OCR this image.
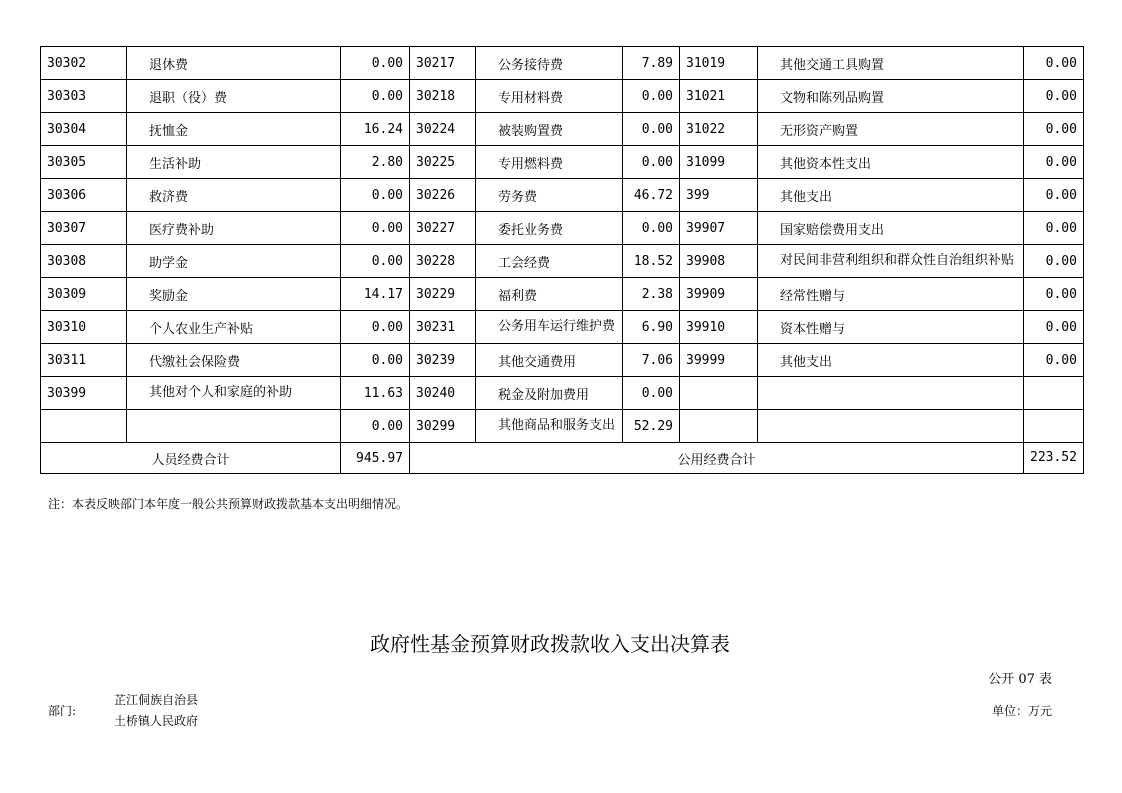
30302	退休费	0.00	30217	公务接待费	7.89	31019	其他交通工具购置	0.00
30303	退职（役）费	0.00	30218	专用材料费	0.00	31021	文物和陈列品购置	0.00
30304	抚恤金	16.24	30224	被装购置费	0.00	31022	无形资产购置	0.00
30305	生活补助	2.80	30225	专用燃料费	0.00	31099	其他资本性支出	0.00
30306	救济费	0.00	30226	劳务费	46.72	399	其他支出	0.00
30307	医疗费补助	0.00	30227	委托业务费	0.00	39907	国家赔偿费用支出	0.00
30308	助学金	0.00	30228	工会经费	18.52	39908	对民间非营利组织和群众性自治组织补贴	0.00
30309	奖励金	14.17	30229	福利费	2.38	39909	经常性赠与	0.00
30310	个人农业生产补贴	0.00	30231	公务用车运行维护费	6.90	39910	资本性赠与	0.00
30311	代缴社会保险费	0.00	30239	其他交通费用	7.06	39999	其他支出	0.00
30399	其他对个人和家庭的补助	11.63	30240	税金及附加费用	0.00			
		0.00	30299	其他商品和服务支出	52.29			
人员经费合计		945.97	公用经费合计					223.52
注：本表反映部门本年度一般公共预算财政拨款基本支出明细情况。
政府性基金预算财政拨款收入支出决算表
公开 07 表
部门:
芷江侗族自治县
土桥镇人民政府
单位：万元
